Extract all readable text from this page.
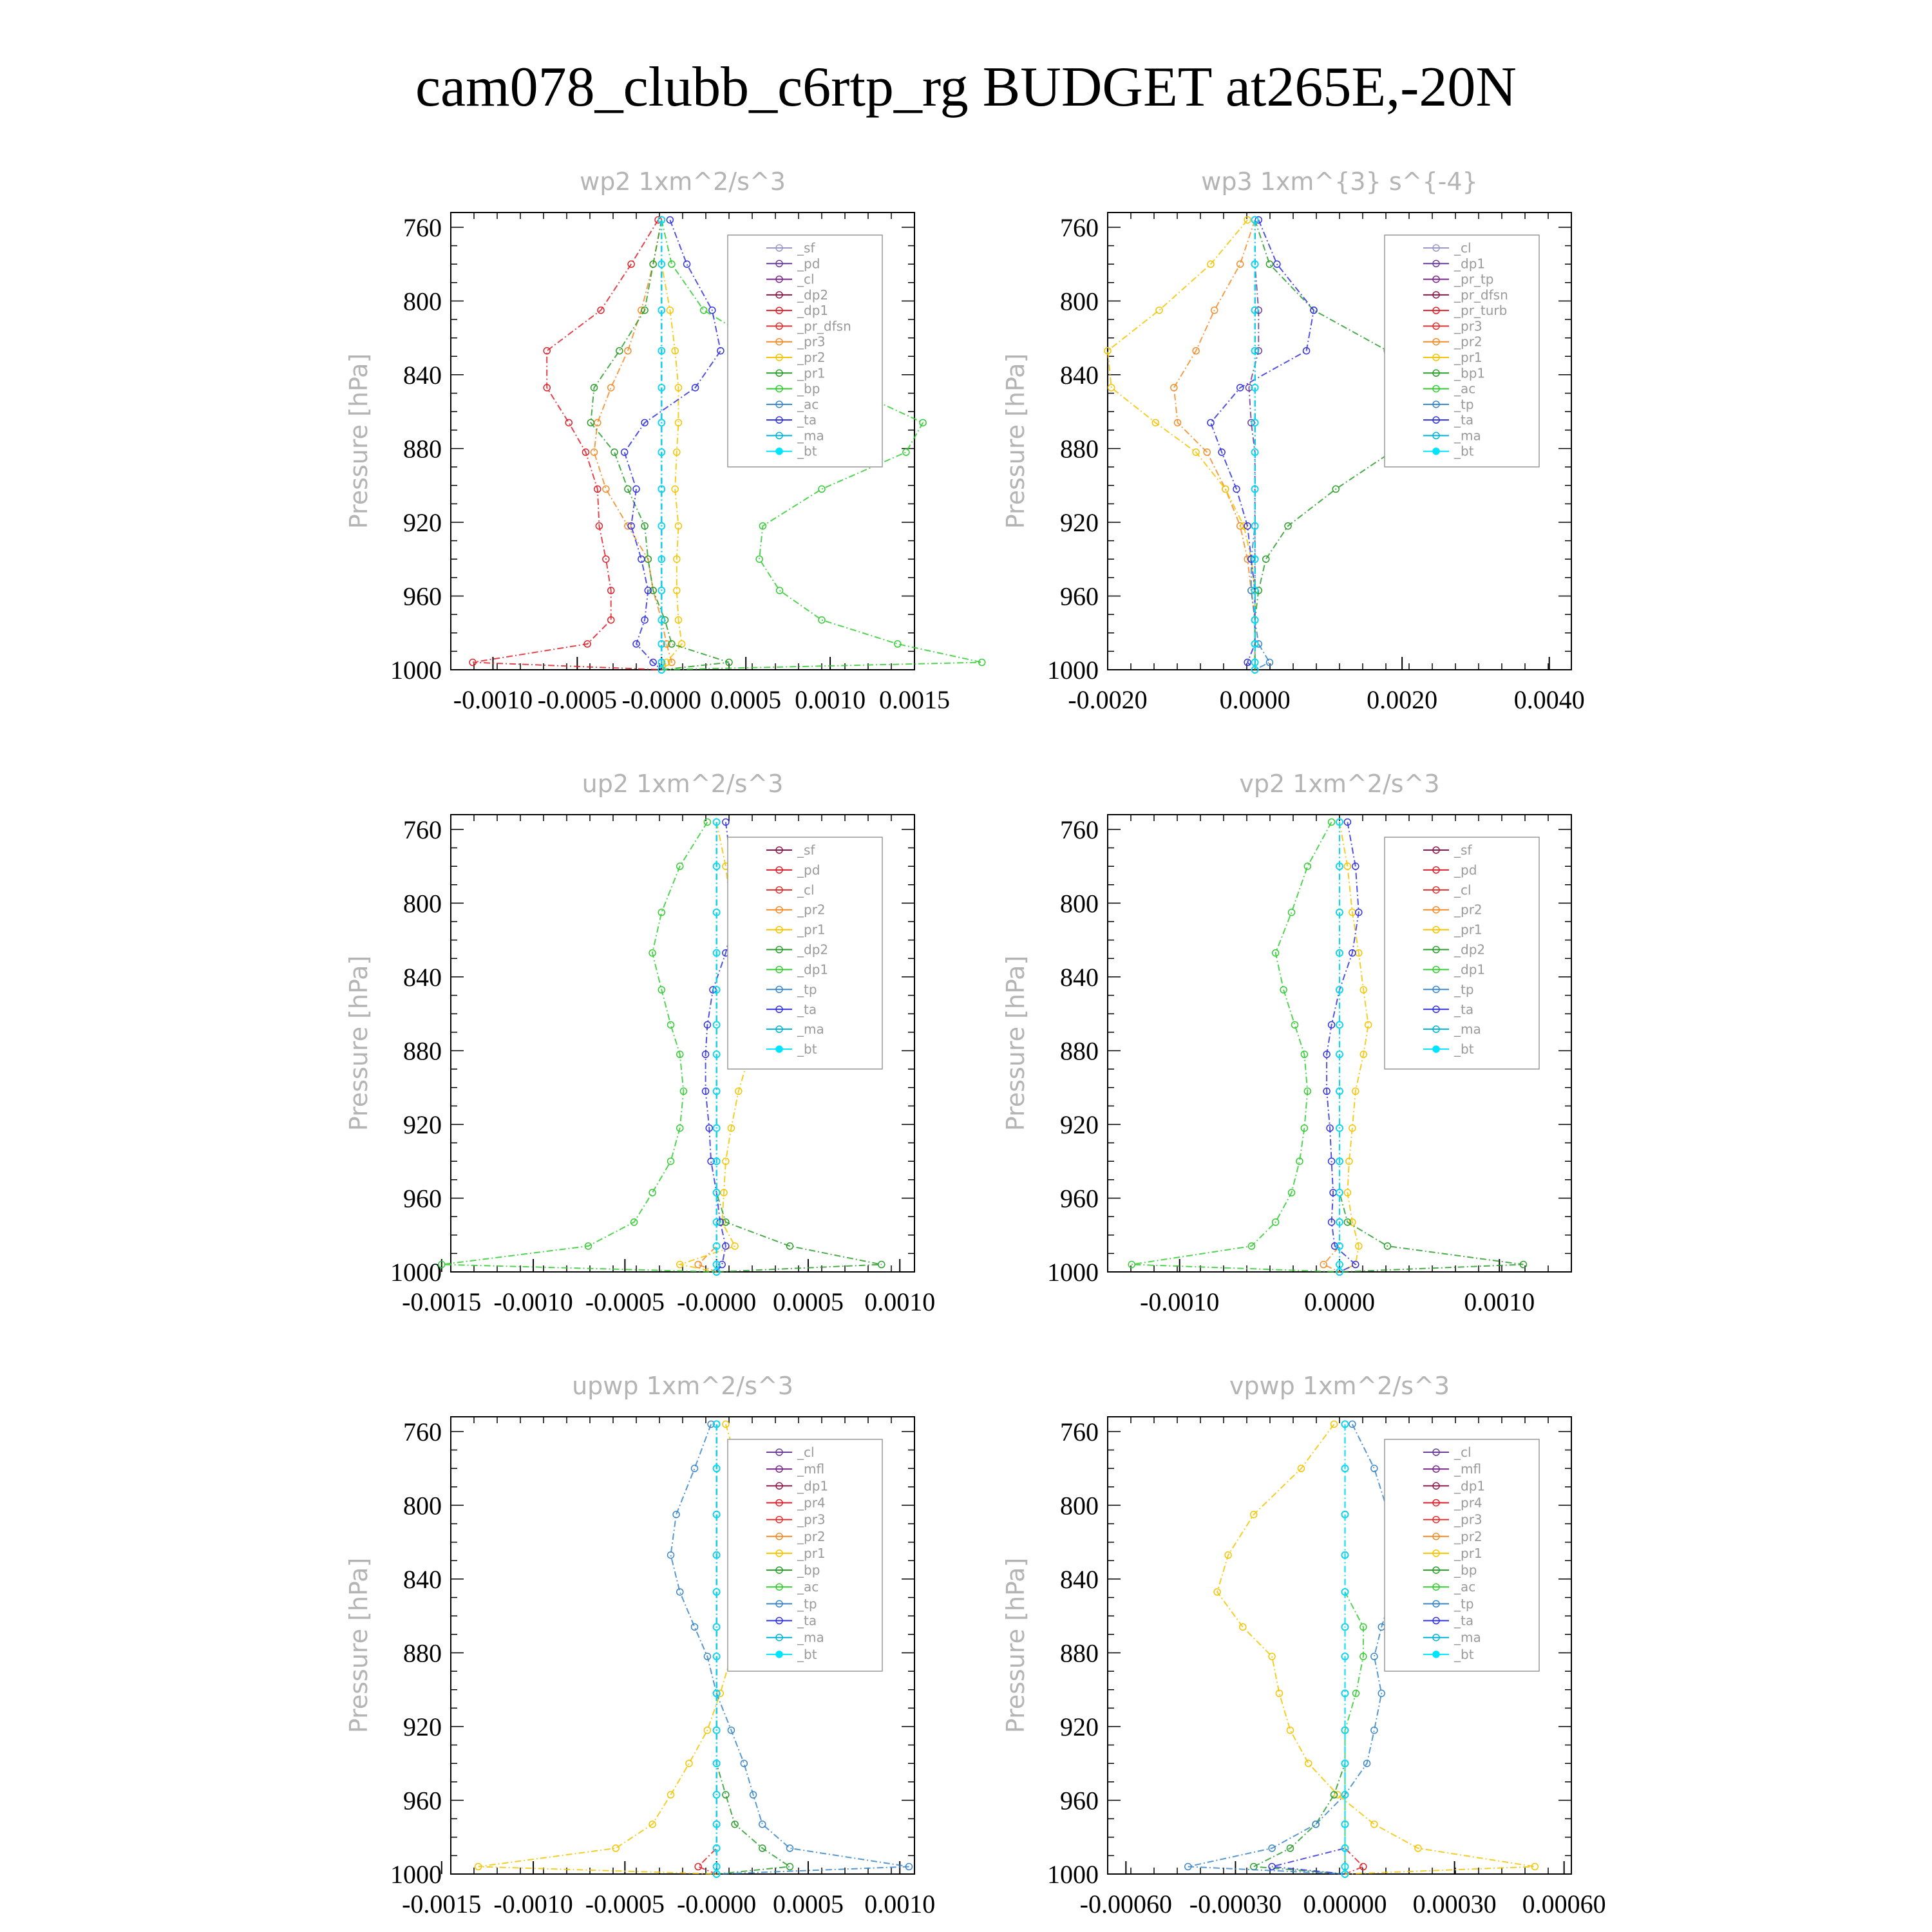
cam078_clubb_c6rtp_rg BUDGET at265E,-20N
wp2 1xm^2/s^3
-0.0010 -0.0005 -0.0000 0.0005 0.0010 0.0015
760
800
840
880
920
960
1000
Pressure [hPa]
_sf
_pd
_cl
_dp2
_dp1
_pr_dfsn
_pr3
_pr2
_pr1
_bp
_ac
_ta
_ma
_bt
wp3 1xm^{3} s^{-4}
-0.0020	0.0000	0.0020	0.0040
760
800
840
880
920
960
1000
Pressure [hPa]
_cl
_dp1
_pr_tp
_pr_dfsn
_pr_turb
_pr3
_pr2
_pr1
_bp1
_ac
_tp
_ta
_ma
_bt
up2 1xm^2/s^3
-0.0015 -0.0010 -0.0005 -0.0000 0.0005 0.0010
760
800
840
880
920
960
1000
Pressure [hPa]
_sf
_pd
_cl
_pr2
_pr1
_dp2
_dp1
_tp
_ta
_ma
_bt
vp2 1xm^2/s^3
-0.0010	0.0000	0.0010
760
800
840
880
920
960
1000
Pressure [hPa]
_sf
_pd
_cl
_pr2
_pr1
_dp2
_dp1
_tp
_ta
_ma
_bt
upwp 1xm^2/s^3
-0.0015 -0.0010 -0.0005 -0.0000 0.0005 0.0010
760
800
840
880
920
960
1000
Pressure [hPa]
_cl
_mfl
_dp1
_pr4
_pr3
_pr2
_pr1
_bp
_ac
_tp
_ta
_ma
_bt
vpwp 1xm^2/s^3
-0.00060 -0.00030 0.00000 0.00030 0.00060
760
800
840
880
920
960
1000
Pressure [hPa]
_cl
_mfl
_dp1
_pr4
_pr3
_pr2
_pr1
_bp
_ac
_tp
_ta
_ma
_bt
